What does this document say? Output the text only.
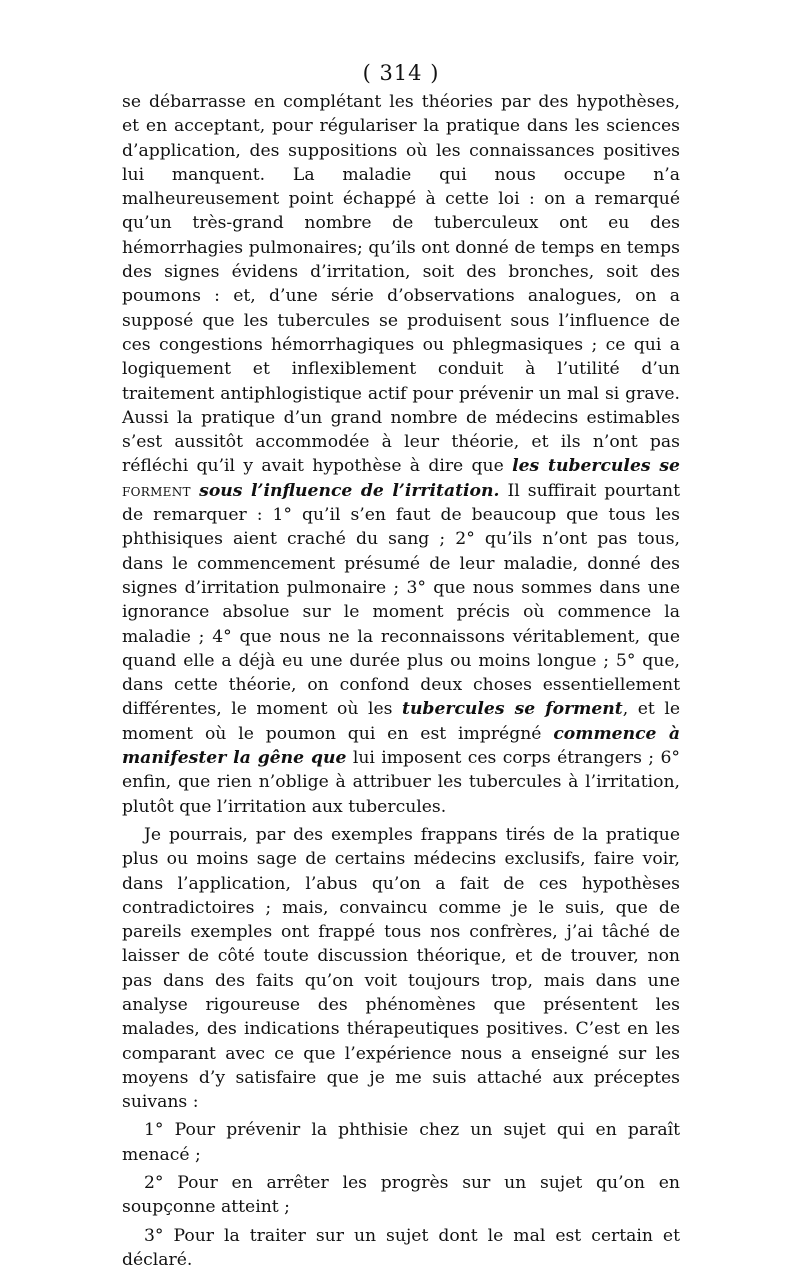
( 314 )

se débarrasse en complétant les théories par des hypothèses, et en acceptant, pour régulariser la pratique dans les sciences d’application, des suppositions où les connaissances positives lui manquent. La maladie qui nous occupe n’a malheureusement point échappé à cette loi : on a remarqué qu’un très-grand nombre de tuberculeux ont eu des hémorrhagies pulmonaires; qu’ils ont donné de temps en temps des signes évidens d’irritation, soit des bronches, soit des poumons : et, d’une série d’observations analogues, on a supposé que les tubercules se produisent sous l’influence de ces congestions hémorrhagiques ou phlegmasiques ; ce qui a logiquement et inflexiblement conduit à l’utilité d’un traitement antiphlogistique actif pour prévenir un mal si grave. Aussi la pratique d’un grand nombre de médecins estimables s’est aussitôt accommodée à leur théorie, et ils n’ont pas réfléchi qu’il y avait hypothèse à dire que les tubercules se forment sous l’influence de l’irritation. Il suffirait pourtant de remarquer : 1° qu’il s’en faut de beaucoup que tous les phthisiques aient craché du sang ; 2° qu’ils n’ont pas tous, dans le commencement présumé de leur maladie, donné des signes d’irritation pulmonaire ; 3° que nous sommes dans une ignorance absolue sur le moment précis où commence la maladie ; 4° que nous ne la reconnaissons véritablement, que quand elle a déjà eu une durée plus ou moins longue ; 5° que, dans cette théorie, on confond deux choses essentiellement différentes, le moment où les tubercules se forment, et le moment où le poumon qui en est imprégné commence à manifester la gêne que lui imposent ces corps étrangers ; 6° enfin, que rien n’oblige à attribuer les tubercules à l’irritation, plutôt que l’irritation aux tubercules.

Je pourrais, par des exemples frappans tirés de la pratique plus ou moins sage de certains médecins exclusifs, faire voir, dans l’application, l’abus qu’on a fait de ces hypothèses contradictoires ; mais, convaincu comme je le suis, que de pareils exemples ont frappé tous nos confrères, j’ai tâché de laisser de côté toute discussion théorique, et de trouver, non pas dans des faits qu’on voit toujours trop, mais dans une analyse rigoureuse des phénomènes que présentent les malades, des indications thérapeutiques positives. C’est en les comparant avec ce que l’expérience nous a enseigné sur les moyens d’y satisfaire que je me suis attaché aux préceptes suivans :

1° Pour prévenir la phthisie chez un sujet qui en paraît menacé ;

2° Pour en arrêter les progrès sur un sujet qu’on en soupçonne atteint ;

3° Pour la traiter sur un sujet dont le mal est certain et déclaré.
